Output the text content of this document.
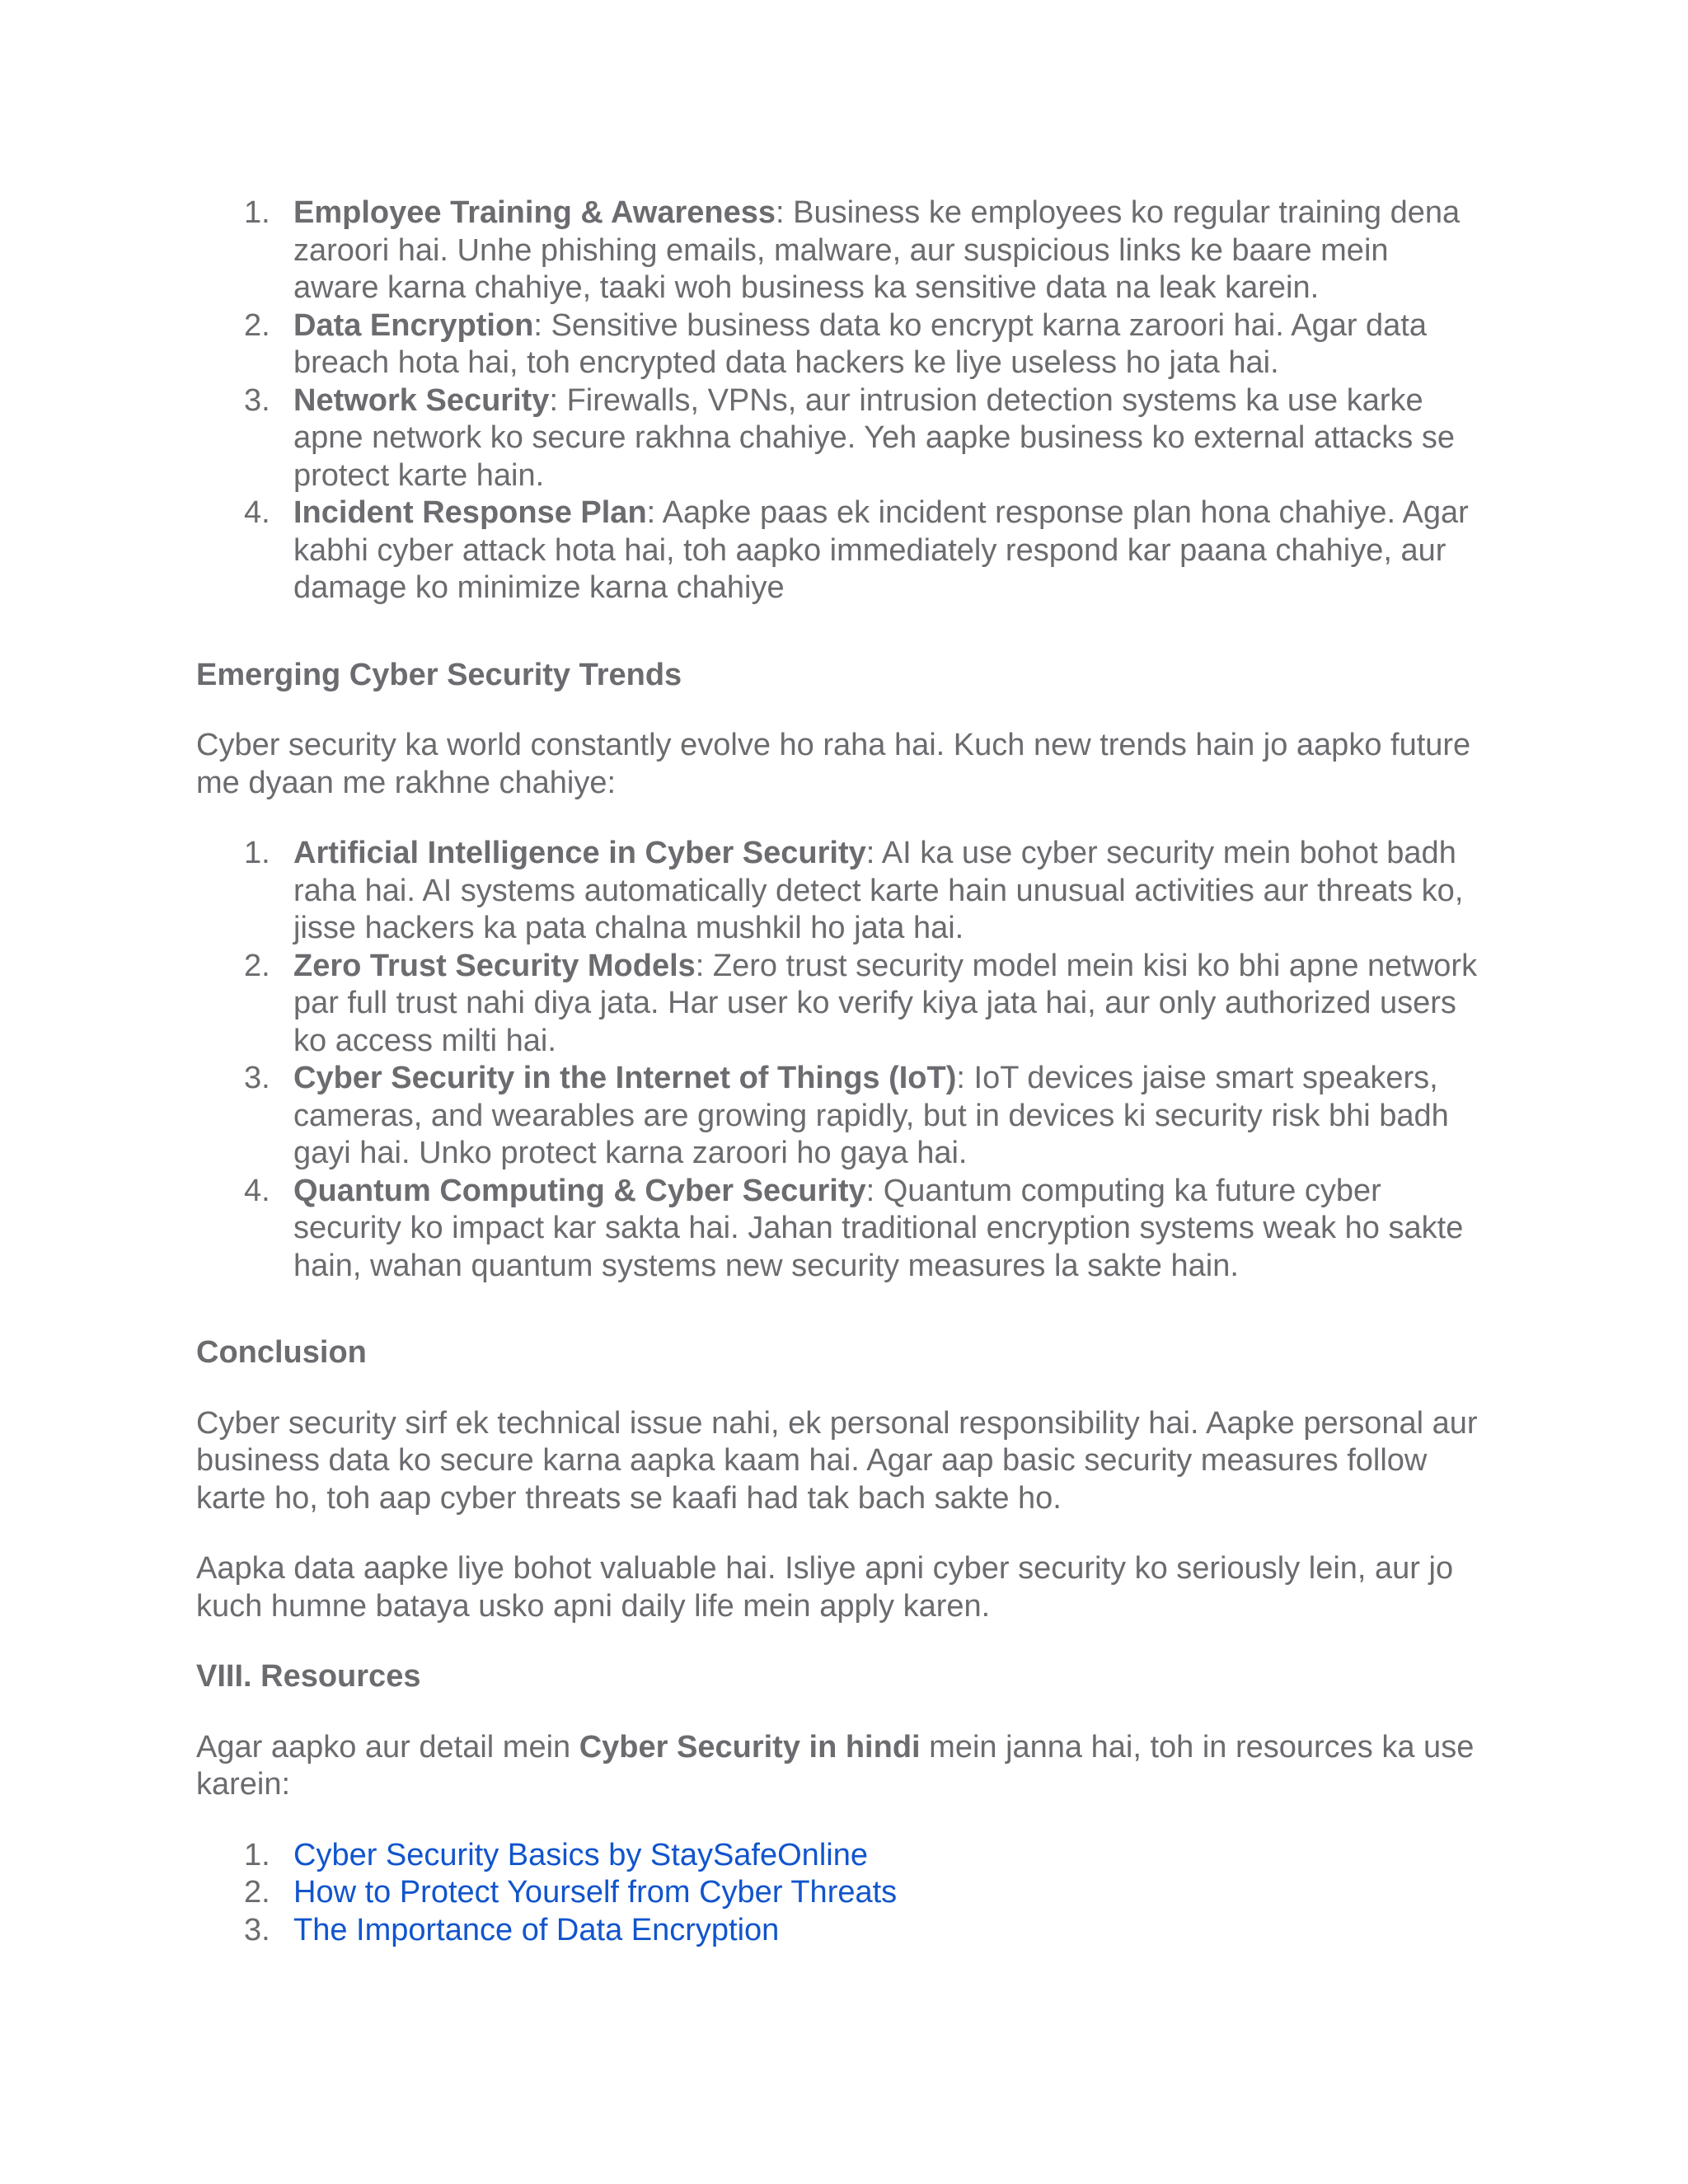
1. Employee Training & Awareness: Business ke employees ko regular training dena zaroori hai. Unhe phishing emails, malware, aur suspicious links ke baare mein aware karna chahiye, taaki woh business ka sensitive data na leak karein.
2. Data Encryption: Sensitive business data ko encrypt karna zaroori hai. Agar data breach hota hai, toh encrypted data hackers ke liye useless ho jata hai.
3. Network Security: Firewalls, VPNs, aur intrusion detection systems ka use karke apne network ko secure rakhna chahiye. Yeh aapke business ko external attacks se protect karte hain.
4. Incident Response Plan: Aapke paas ek incident response plan hona chahiye. Agar kabhi cyber attack hota hai, toh aapko immediately respond kar paana chahiye, aur damage ko minimize karna chahiye
Emerging Cyber Security Trends

Cyber security ka world constantly evolve ho raha hai. Kuch new trends hain jo aapko future me dyaan me rakhne chahiye:

1. Artificial Intelligence in Cyber Security: AI ka use cyber security mein bohot badh raha hai. AI systems automatically detect karte hain unusual activities aur threats ko, jisse hackers ka pata chalna mushkil ho jata hai.
2. Zero Trust Security Models: Zero trust security model mein kisi ko bhi apne network par full trust nahi diya jata. Har user ko verify kiya jata hai, aur only authorized users ko access milti hai.
3. Cyber Security in the Internet of Things (IoT): IoT devices jaise smart speakers, cameras, and wearables are growing rapidly, but in devices ki security risk bhi badh gayi hai. Unko protect karna zaroori ho gaya hai.
4. Quantum Computing & Cyber Security: Quantum computing ka future cyber security ko impact kar sakta hai. Jahan traditional encryption systems weak ho sakte hain, wahan quantum systems new security measures la sakte hain.
Conclusion

Cyber security sirf ek technical issue nahi, ek personal responsibility hai. Aapke personal aur business data ko secure karna aapka kaam hai. Agar aap basic security measures follow karte ho, toh aap cyber threats se kaafi had tak bach sakte ho.

Aapka data aapke liye bohot valuable hai. Isliye apni cyber security ko seriously lein, aur jo kuch humne bataya usko apni daily life mein apply karen.

VIII. Resources

Agar aapko aur detail mein Cyber Security in hindi mein janna hai, toh in resources ka use karein:

1. Cyber Security Basics by StaySafeOnline
2. How to Protect Yourself from Cyber Threats
3. The Importance of Data Encryption
